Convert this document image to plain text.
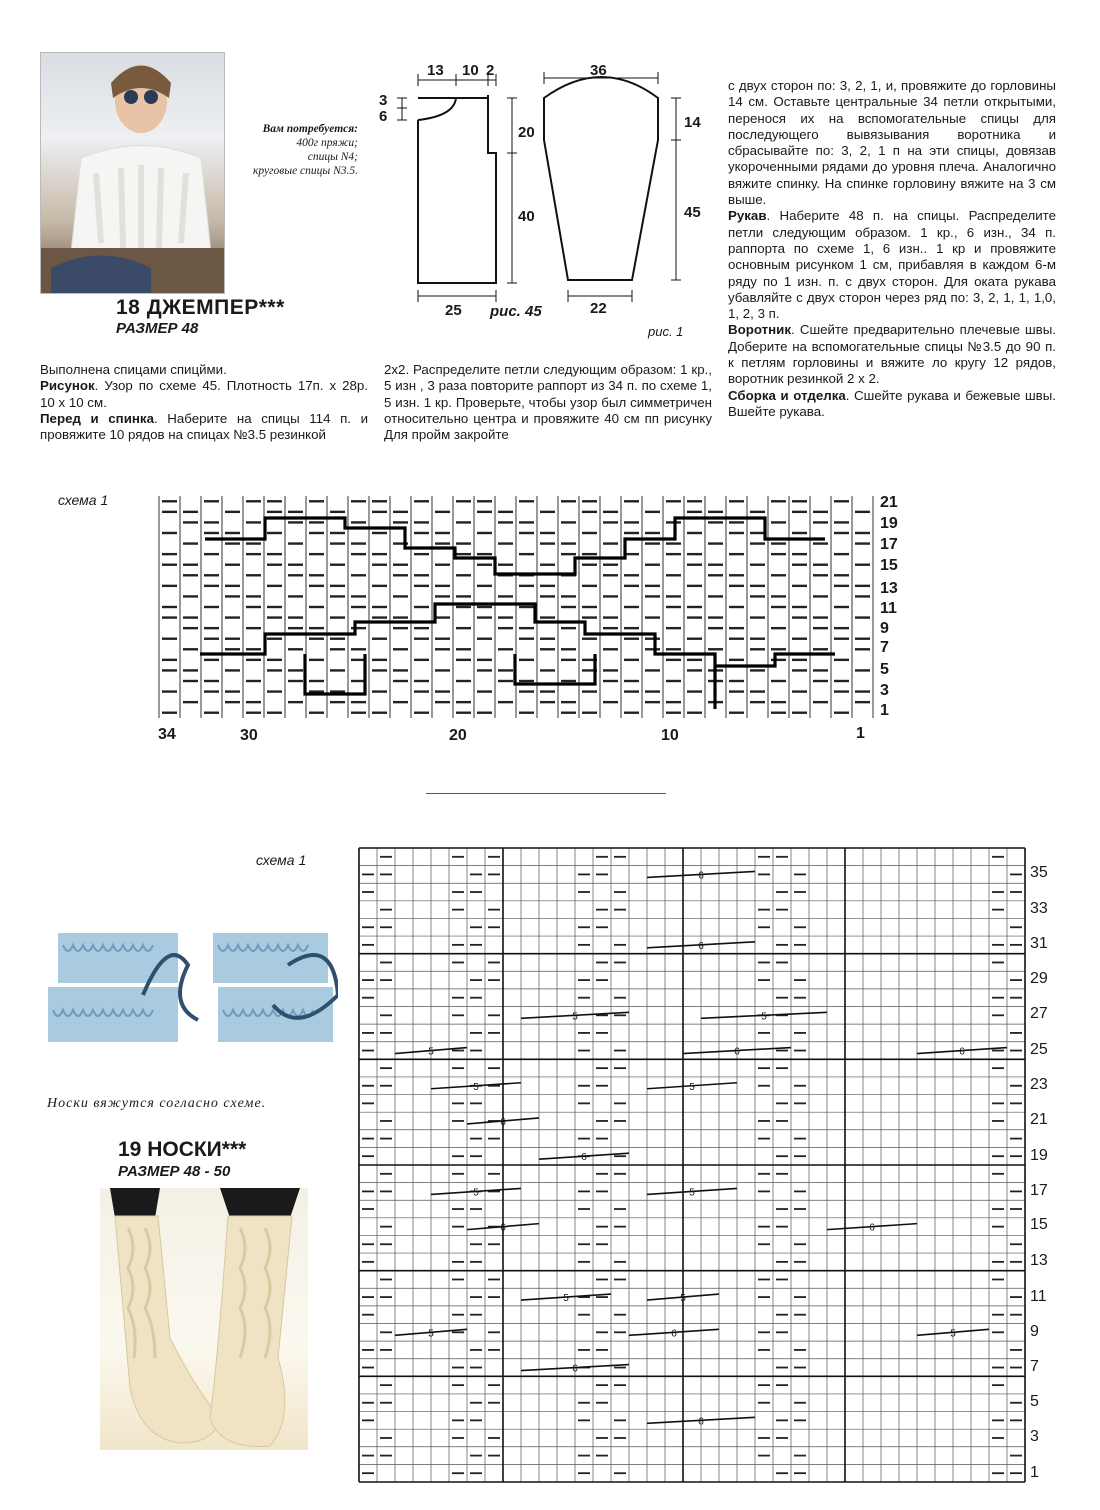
Вам потребуется:
400г пряжи;
спицы N4;
круговые спицы N3.5.
18 ДЖЕМПЕР***
РАЗМЕР 48
13 10 2
3
6
20
40
25
36
14
45
22
рис. 45
рис. 1
Выполнена спицами спицйми.
Рисунок. Узор по схеме 45. Плотность 17п. х 28р. 10 х 10 см.
Перед и спинка. Наберите на спицы 114 п. и провяжите 10 рядов на спицах №3.5 резинкой
2х2. Распределите петли следующим образом: 1 кр., 5 изн , 3 раза повторите раппорт из 34 п. по схеме 1, 5 изн. 1 кр. Проверьте, чтобы узор был симметричен относительно центра и провяжите 40 см пп рисунку Для пройм закройте
с двух сторон по: 3, 2, 1, и, провяжите до горловины 14 см. Оставьте центральные 34 петли открытыми, перенося их на вспомогательные спицы для последующего вывязывания воротника и сбрасывайте по: 3, 2, 1 п на эти спицы, довязав укороченными рядами до уровня плеча. Аналогично вяжите спинку. На спинке горловину вяжите на 3 см выше.
Рукав. Наберите 48 п. на спицы. Распределите петли следующим образом. 1 кр., 6 изн., 34 п. раппорта по схеме 1, 6 изн.. 1 кр и провяжите основным рисунком 1 см, прибавляя в каждом 6-м ряду по 1 изн. п. с двух сторон. Для оката рукава убавляйте с двух сторон через ряд по: 3, 2, 1, 1, 1,0, 1, 2, 3 п.
Воротник. Сшейте предварительно плечевые швы. Доберите на вспомогательные спицы №3.5 до 90 п. к петлям горловины и вяжите ло кругу 12 рядов, воротник резинкой 2 х 2.
Сборка и отделка. Сшейте рукава и бежевые швы. Вшейте рукава.
схема 1	21
19
17
15
13
11
9
7
5
3
1
34	30	20	10	1
схема 1
Носки вяжутся согласно схеме.
19 НОСКИ***
РАЗМЕР 48 - 50
6
6
5	6	5
5	5
6	6
5	5
6
6
5	5
5	6	6
5	5
6
6	35
33
31
29
27
25
23
21
19
17
15
13
11
9
7
5
3
1
